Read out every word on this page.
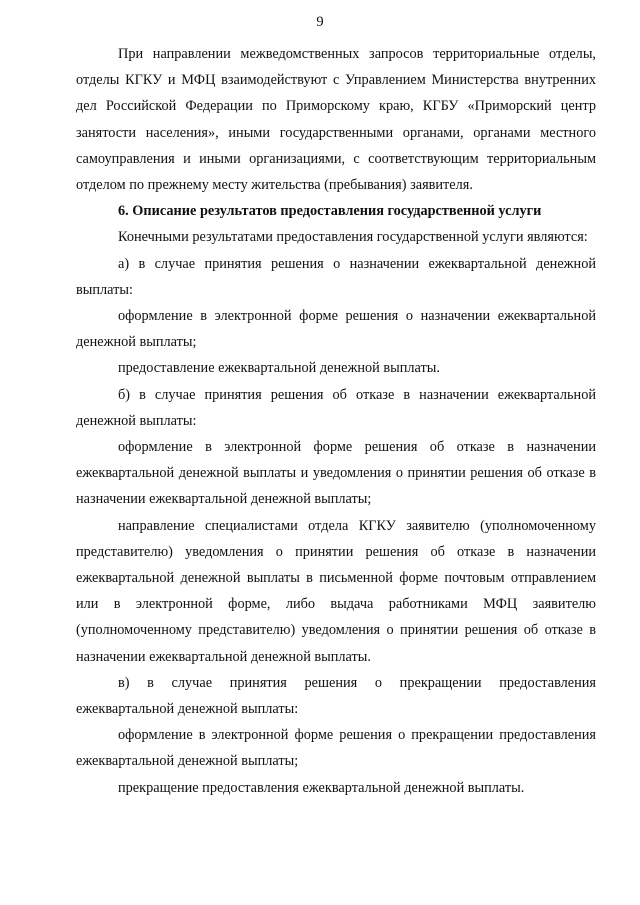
9

При направлении межведомственных запросов территориальные отделы, отделы КГКУ и МФЦ взаимодействуют с Управлением Министерства внутренних дел Российской Федерации по Приморскому краю, КГБУ «Приморский центр занятости населения», иными государственными органами, органами местного самоуправления и иными организациями, с соответствующим территориальным отделом по прежнему месту жительства (пребывания) заявителя.

6. Описание результатов предоставления государственной услуги

Конечными результатами предоставления государственной услуги являются:

а) в случае принятия решения о назначении ежеквартальной денежной выплаты:

оформление в электронной форме решения о назначении ежеквартальной денежной выплаты;

предоставление ежеквартальной денежной выплаты.

б) в случае принятия решения об отказе в назначении ежеквартальной денежной выплаты:

оформление в электронной форме решения об отказе в назначении ежеквартальной денежной выплаты и уведомления о принятии решения об отказе в назначении ежеквартальной денежной выплаты;

направление специалистами отдела КГКУ заявителю (уполномоченному представителю) уведомления о принятии решения об отказе в назначении ежеквартальной денежной выплаты в письменной форме почтовым отправлением или в электронной форме, либо выдача работниками МФЦ заявителю (уполномоченному представителю) уведомления о принятии решения об отказе в назначении ежеквартальной денежной выплаты.

в) в случае принятия решения о прекращении предоставления ежеквартальной денежной выплаты:

оформление в электронной форме решения о прекращении предоставления ежеквартальной денежной выплаты;

прекращение предоставления ежеквартальной денежной выплаты.
